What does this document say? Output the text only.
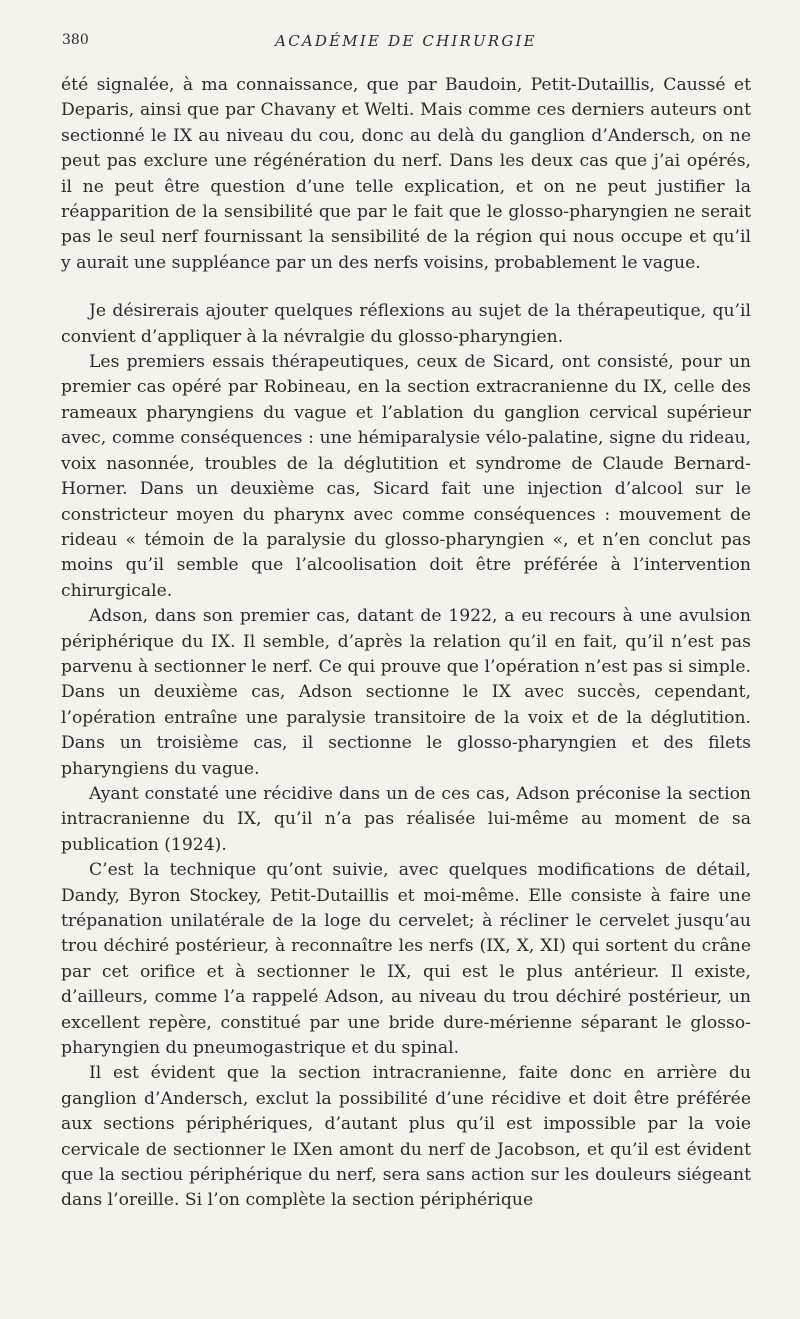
380	ACADÉMIE DE CHIRURGIE

été signalée, à ma connaissance, que par Baudoin, Petit-Dutaillis, Caussé et Deparis, ainsi que par Chavany et Welti. Mais comme ces derniers auteurs ont sectionné le IX au niveau du cou, donc au delà du ganglion d’Andersch, on ne peut pas exclure une régénération du nerf. Dans les deux cas que j’ai opérés, il ne peut être question d’une telle explication, et on ne peut justifier la réapparition de la sensibilité que par le fait que le glosso-pharyngien ne serait pas le seul nerf fournissant la sensibilité de la région qui nous occupe et qu’il y aurait une suppléance par un des nerfs voisins, probablement le vague.

Je désirerais ajouter quelques réflexions au sujet de la thérapeutique, qu’il convient d’appliquer à la névralgie du glosso-pharyngien.

Les premiers essais thérapeutiques, ceux de Sicard, ont consisté, pour un premier cas opéré par Robineau, en la section extracranienne du IX, celle des rameaux pharyngiens du vague et l’ablation du ganglion cervical supérieur avec, comme conséquences : une hémiparalysie vélo-palatine, signe du rideau, voix nasonnée, troubles de la déglutition et syndrome de Claude Bernard-Horner. Dans un deuxième cas, Sicard fait une injection d’alcool sur le constricteur moyen du pharynx avec comme conséquences : mouvement de rideau « témoin de la paralysie du glosso-pharyngien «, et n’en conclut pas moins qu’il semble que l’alcoolisation doit être préférée à l’intervention chirurgicale.

Adson, dans son premier cas, datant de 1922, a eu recours à une avulsion périphérique du IX. Il semble, d’après la relation qu’il en fait, qu’il n’est pas parvenu à sectionner le nerf. Ce qui prouve que l’opération n’est pas si simple. Dans un deuxième cas, Adson sectionne le IX avec succès, cependant, l’opération entraîne une paralysie transitoire de la voix et de la déglutition. Dans un troisième cas, il sectionne le glosso-pharyngien et des filets pharyngiens du vague.

Ayant constaté une récidive dans un de ces cas, Adson préconise la section intracranienne du IX, qu’il n’a pas réalisée lui-même au moment de sa publication (1924).

C’est la technique qu’ont suivie, avec quelques modifications de détail, Dandy, Byron Stockey, Petit-Dutaillis et moi-même. Elle consiste à faire une trépanation unilatérale de la loge du cervelet; à récliner le cervelet jusqu’au trou déchiré postérieur, à reconnaître les nerfs (IX, X, XI) qui sortent du crâne par cet orifice et à sectionner le IX, qui est le plus antérieur. Il existe, d’ailleurs, comme l’a rappelé Adson, au niveau du trou déchiré postérieur, un excellent repère, constitué par une bride dure-mérienne séparant le glosso-pharyngien du pneumogastrique et du spinal.

Il est évident que la section intracranienne, faite donc en arrière du ganglion d’Andersch, exclut la possibilité d’une récidive et doit être préférée aux sections périphériques, d’autant plus qu’il est impossible par la voie cervicale de sectionner le IXen amont du nerf de Jacobson, et qu’il est évident que la sectiou périphérique du nerf, sera sans action sur les douleurs siégeant dans l’oreille. Si l’on complète la section périphérique
